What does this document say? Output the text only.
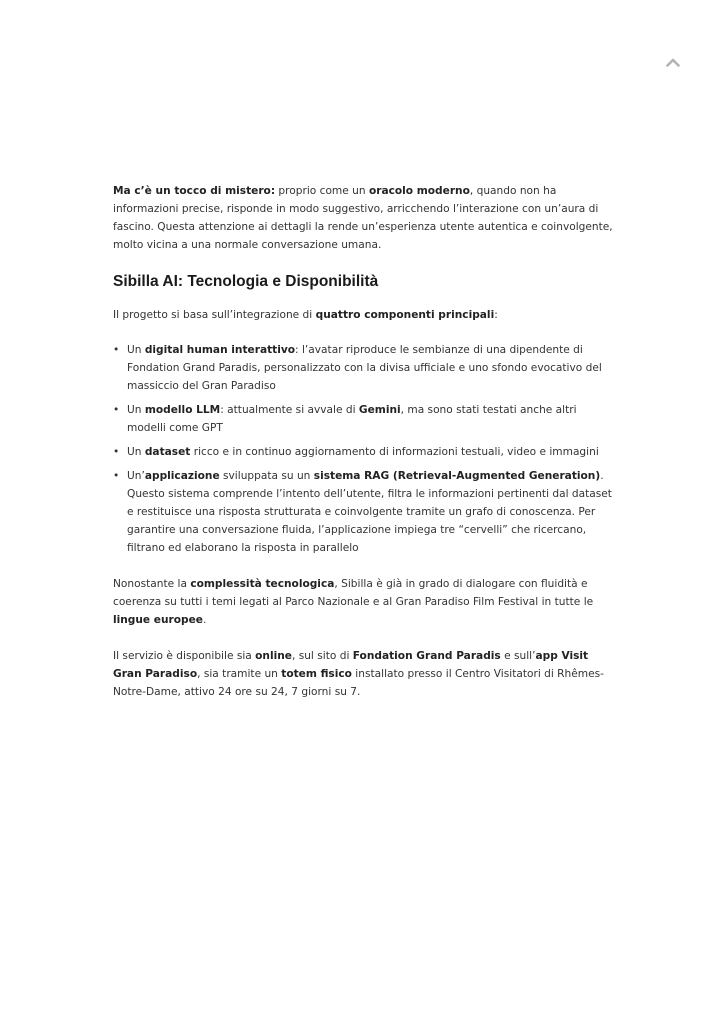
Ma c’è un tocco di mistero: proprio come un oracolo moderno, quando non ha informazioni precise, risponde in modo suggestivo, arricchendo l’interazione con un’aura di fascino. Questa attenzione ai dettagli la rende un’esperienza utente autentica e coinvolgente, molto vicina a una normale conversazione umana.

Sibilla AI: Tecnologia e Disponibilità

Il progetto si basa sull’integrazione di quattro componenti principali:

• Un digital human interattivo: l’avatar riproduce le sembianze di una dipendente di Fondation Grand Paradis, personalizzato con la divisa ufficiale e uno sfondo evocativo del massiccio del Gran Paradiso
• Un modello LLM: attualmente si avvale di Gemini, ma sono stati testati anche altri modelli come GPT
• Un dataset ricco e in continuo aggiornamento di informazioni testuali, video e immagini
• Un’applicazione sviluppata su un sistema RAG (Retrieval-Augmented Generation). Questo sistema comprende l’intento dell’utente, filtra le informazioni pertinenti dal dataset e restituisce una risposta strutturata e coinvolgente tramite un grafo di conoscenza. Per garantire una conversazione fluida, l’applicazione impiega tre “cervelli” che ricercano, filtrano ed elaborano la risposta in parallelo

Nonostante la complessità tecnologica, Sibilla è già in grado di dialogare con fluidità e coerenza su tutti i temi legati al Parco Nazionale e al Gran Paradiso Film Festival in tutte le lingue europee.

Il servizio è disponibile sia online, sul sito di Fondation Grand Paradis e sull’app Visit Gran Paradiso, sia tramite un totem fisico installato presso il Centro Visitatori di Rhêmes-Notre-Dame, attivo 24 ore su 24, 7 giorni su 7.
